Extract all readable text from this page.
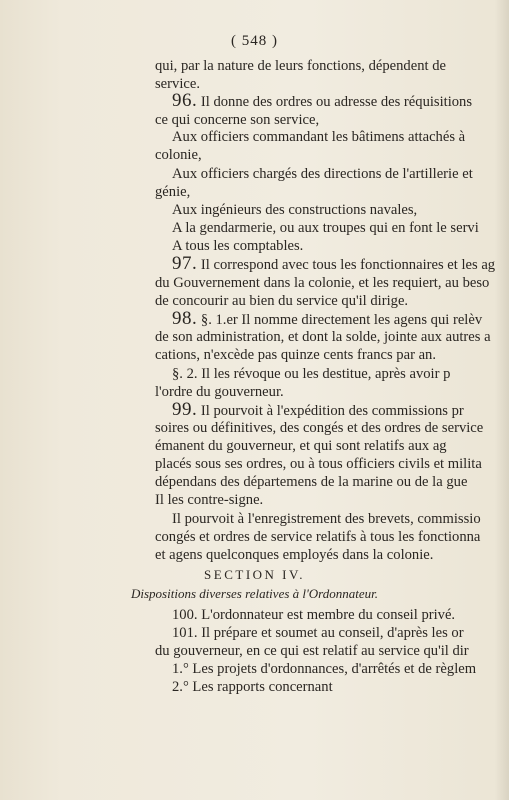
( 548 )
qui, par la nature de leurs fonctions, dépendent de
service.
96. Il donne des ordres ou adresse des réquisitions
ce qui concerne son service,
Aux officiers commandant les bâtimens attachés à
colonie,
Aux officiers chargés des directions de l'artillerie et
génie,
Aux ingénieurs des constructions navales,
A la gendarmerie, ou aux troupes qui en font le servi
A tous les comptables.
97. Il correspond avec tous les fonctionnaires et les ag
du Gouvernement dans la colonie, et les requiert, au beso
de concourir au bien du service qu'il dirige.
98. §. 1.er Il nomme directement les agens qui relèv
de son administration, et dont la solde, jointe aux autres a
cations, n'excède pas quinze cents francs par an.
§. 2. Il les révoque ou les destitue, après avoir p
l'ordre du gouverneur.
99. Il pourvoit à l'expédition des commissions pr
soires ou définitives, des congés et des ordres de service
émanent du gouverneur, et qui sont relatifs aux ag
placés sous ses ordres, ou à tous officiers civils et milita
dépendans des départemens de la marine ou de la gue
Il les contre-signe.
Il pourvoit à l'enregistrement des brevets, commissio
congés et ordres de service relatifs à tous les fonctionna
et agens quelconques employés dans la colonie.
SECTION IV.
Dispositions diverses relatives à l'Ordonnateur.
100. L'ordonnateur est membre du conseil privé.
101. Il prépare et soumet au conseil, d'après les or
du gouverneur, en ce qui est relatif au service qu'il dir
1.° Les projets d'ordonnances, d'arrêtés et de règlem
2.° Les rapports concernant
